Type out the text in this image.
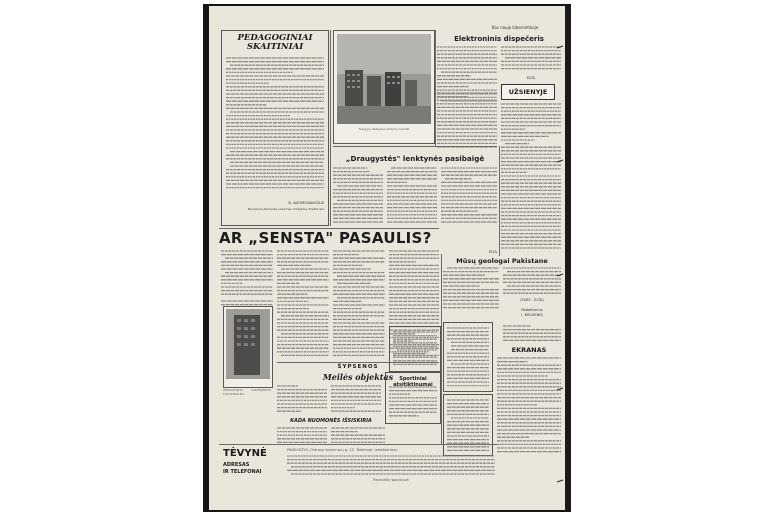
Kas naujo kibernetikoje
PEDAGOGINIAI
SKAITINIAI
B. ADOMONAVIČIUS
Naujosios Akmenės vidurinės mokyklos direktorius
Naujųjų Akmenės statybų vaizdai
Elektroninis dispečeris
ELTA
UŽSIENYJE
„Draugystės" lenktynės pasibaigė
ELTA
AR „SENSTA" PASAULIS?
ZEMAITIJOS LAIKRAŠČIO NUOTRAUKA
ŠYPSENOS
Meilės objektas	Sportiniai atsitiktinumai
KADA NUOMONĖS IŠSISKIRIA
Mūsų geologai Pakistane
(TASS - ELTA)
Redaktorius
I. KRUSENIS
EKRANAS
TĖVYNĖ
ADRESAS
IR TELEFONAI
PANEVĖŽYS, Ostrovo komunarų g. 15. Telefonai: redaktoriaus
Panevėžio spaustuvė
